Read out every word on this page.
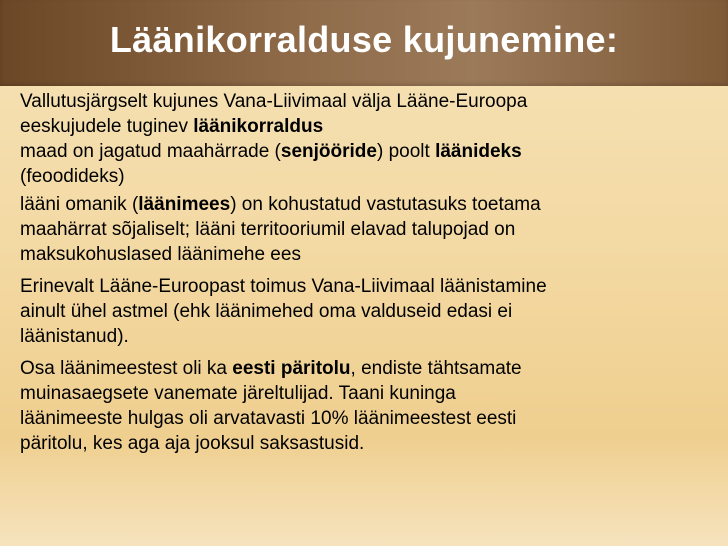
Läänikorralduse kujunemine:
Vallutusjärgselt kujunes Vana-Liivimaal välja Lääne-Euroopa
eeskujudele tuginev läänikorraldus
maad on jagatud maahärrade (senjööride) poolt läänideks
(feoodideks)
lääni omanik (läänimees) on kohustatud vastutasuks toetama
maahärrat sõjaliselt; lääni territooriumil elavad talupojad on
maksukohuslased läänimehe ees
Erinevalt Lääne-Euroopast toimus Vana-Liivimaal läänistamine
ainult ühel astmel (ehk läänimehed oma valduseid edasi ei
läänistanud).
Osa läänimeestest oli ka eesti päritolu, endiste tähtsamate
muinasaegsete vanemate järeltulijad. Taani kuninga
läänimeeste hulgas oli arvatavasti 10% läänimeestest eesti
päritolu, kes aga aja jooksul saksastusid.
